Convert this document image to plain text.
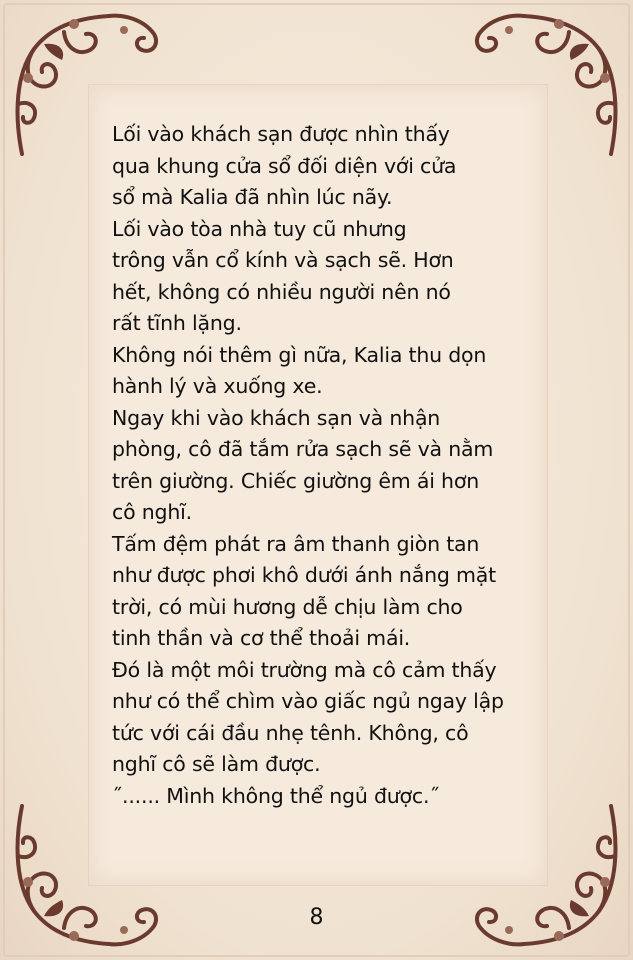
Lối vào khách sạn được nhìn thấy
qua khung cửa sổ đối diện với cửa
sổ mà Kalia đã nhìn lúc nãy.
Lối vào tòa nhà tuy cũ nhưng
trông vẫn cổ kính và sạch sẽ. Hơn
hết, không có nhiều người nên nó
rất tĩnh lặng.
Không nói thêm gì nữa, Kalia thu dọn
hành lý và xuống xe.
Ngay khi vào khách sạn và nhận
phòng, cô đã tắm rửa sạch sẽ và nằm
trên giường. Chiếc giường êm ái hơn
cô nghĩ.
Tấm đệm phát ra âm thanh giòn tan
như được phơi khô dưới ánh nắng mặt
trời, có mùi hương dễ chịu làm cho
tinh thần và cơ thể thoải mái.
Đó là một môi trường mà cô cảm thấy
như có thể chìm vào giấc ngủ ngay lập
tức với cái đầu nhẹ tênh. Không, cô
nghĩ cô sẽ làm được.
˝...... Mình không thể ngủ được.˝
8
